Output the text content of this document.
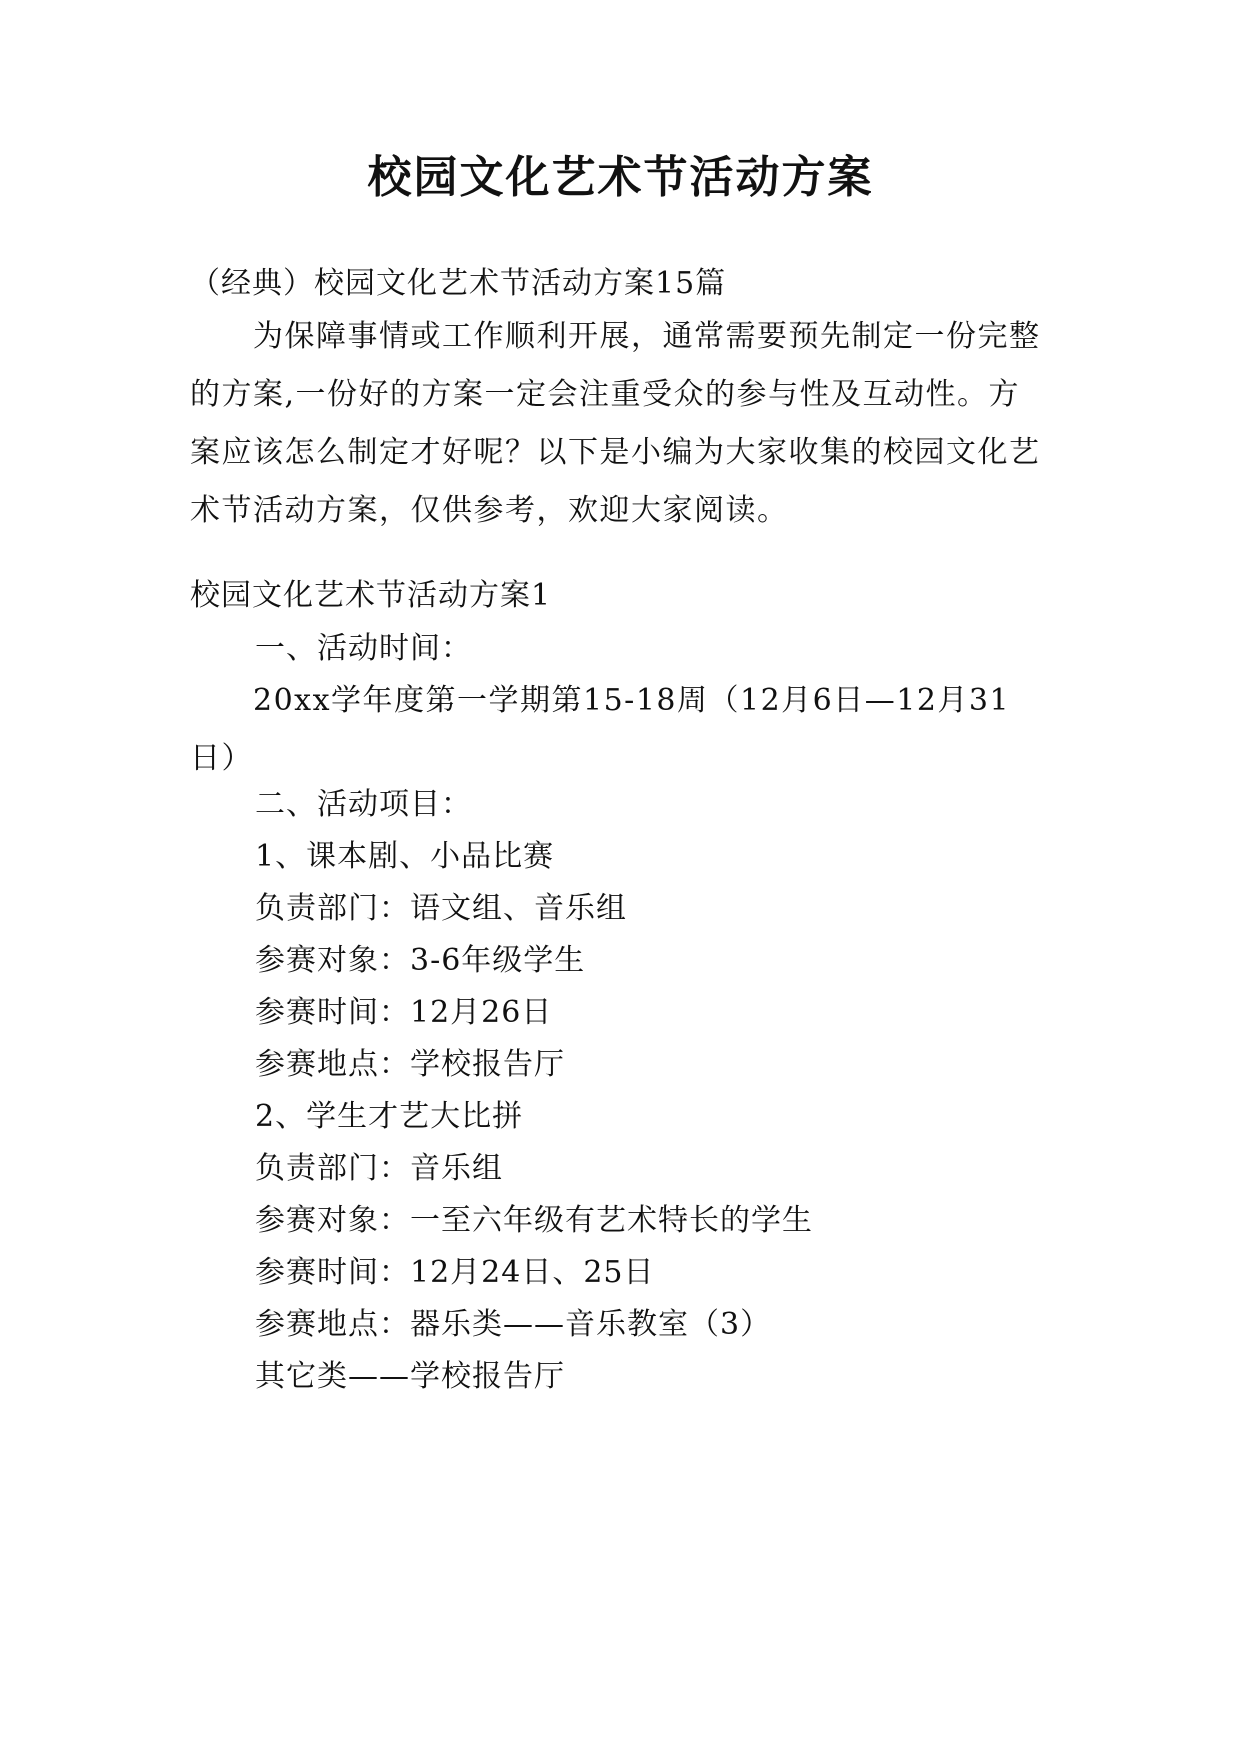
校园文化艺术节活动方案
（经典）校园文化艺术节活动方案15篇
为保障事情或工作顺利开展，通常需要预先制定一份完整的方案,一份好的方案一定会注重受众的参与性及互动性。方案应该怎么制定才好呢？以下是小编为大家收集的校园文化艺术节活动方案，仅供参考，欢迎大家阅读。
校园文化艺术节活动方案1
一、活动时间：
20xx学年度第一学期第15-18周（12月6日—12月31日）
二、活动项目：
1、课本剧、小品比赛
负责部门：语文组、音乐组
参赛对象：3-6年级学生
参赛时间：12月26日
参赛地点：学校报告厅
2、学生才艺大比拼
负责部门：音乐组
参赛对象：一至六年级有艺术特长的学生
参赛时间：12月24日、25日
参赛地点：器乐类——音乐教室（3）
其它类——学校报告厅
